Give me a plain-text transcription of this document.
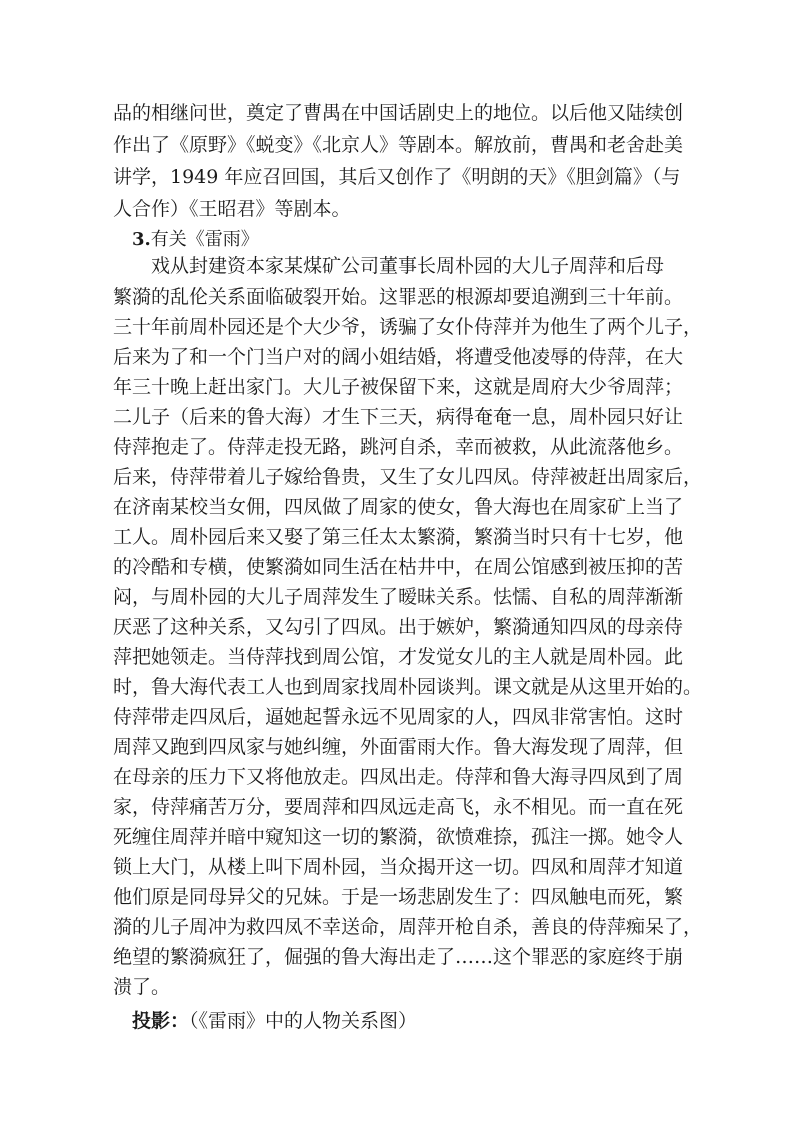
品的相继问世，奠定了曹禺在中国话剧史上的地位。以后他又陆续创
作出了《原野》《蜕变》《北京人》等剧本。解放前，曹禺和老舍赴美
讲学，1949 年应召回国，其后又创作了《明朗的天》《胆剑篇》（与
人合作）《王昭君》等剧本。
3.有关《雷雨》
戏从封建资本家某煤矿公司董事长周朴园的大儿子周萍和后母
繁漪的乱伦关系面临破裂开始。这罪恶的根源却要追溯到三十年前。
三十年前周朴园还是个大少爷，诱骗了女仆侍萍并为他生了两个儿子，
后来为了和一个门当户对的阔小姐结婚，将遭受他凌辱的侍萍，在大
年三十晚上赶出家门。大儿子被保留下来，这就是周府大少爷周萍；
二儿子（后来的鲁大海）才生下三天，病得奄奄一息，周朴园只好让
侍萍抱走了。侍萍走投无路，跳河自杀，幸而被救，从此流落他乡。
后来，侍萍带着儿子嫁给鲁贵，又生了女儿四凤。侍萍被赶出周家后，
在济南某校当女佣，四凤做了周家的使女，鲁大海也在周家矿上当了
工人。周朴园后来又娶了第三任太太繁漪，繁漪当时只有十七岁，他
的冷酷和专横，使繁漪如同生活在枯井中，在周公馆感到被压抑的苦
闷，与周朴园的大儿子周萍发生了暧昧关系。怯懦、自私的周萍渐渐
厌恶了这种关系，又勾引了四凤。出于嫉妒，繁漪通知四凤的母亲侍
萍把她领走。当侍萍找到周公馆，才发觉女儿的主人就是周朴园。此
时，鲁大海代表工人也到周家找周朴园谈判。课文就是从这里开始的。
侍萍带走四凤后，逼她起誓永远不见周家的人，四凤非常害怕。这时
周萍又跑到四凤家与她纠缠，外面雷雨大作。鲁大海发现了周萍，但
在母亲的压力下又将他放走。四凤出走。侍萍和鲁大海寻四凤到了周
家，侍萍痛苦万分，要周萍和四凤远走高飞，永不相见。而一直在死
死缠住周萍并暗中窥知这一切的繁漪，欲愤难捺，孤注一掷。她令人
锁上大门，从楼上叫下周朴园，当众揭开这一切。四凤和周萍才知道
他们原是同母异父的兄妹。于是一场悲剧发生了：四凤触电而死，繁
漪的儿子周冲为救四凤不幸送命，周萍开枪自杀，善良的侍萍痴呆了，
绝望的繁漪疯狂了，倔强的鲁大海出走了……这个罪恶的家庭终于崩
溃了。
投影：（《雷雨》中的人物关系图）
